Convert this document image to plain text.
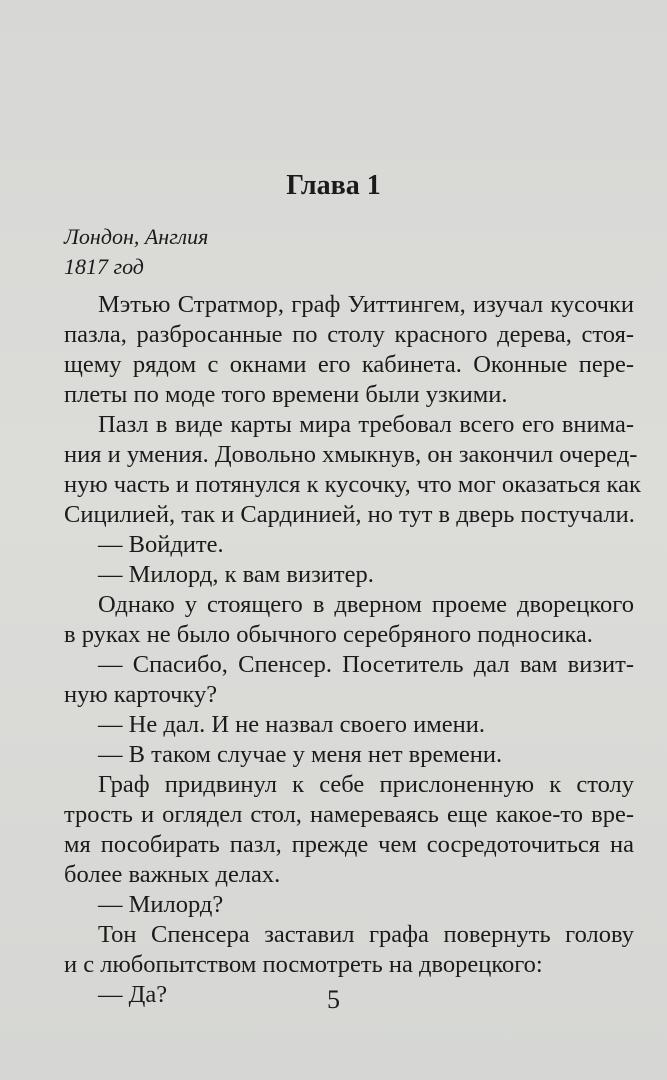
Глава 1
Лондон, Англия
1817 год
Мэтью Стратмор, граф Уиттингем, изучал кусочки
пазла, разбросанные по столу красного дерева, стоя-
щему рядом с окнами его кабинета. Оконные пере-
плеты по моде того времени были узкими.
Пазл в виде карты мира требовал всего его внима-
ния и умения. Довольно хмыкнув, он закончил очеред-
ную часть и потянулся к кусочку, что мог оказаться как
Сицилией, так и Сардинией, но тут в дверь постучали.
— Войдите.
— Милорд, к вам визитер.
Однако у стоящего в дверном проеме дворецкого
в руках не было обычного серебряного подносика.
— Спасибо, Спенсер. Посетитель дал вам визит-
ную карточку?
— Не дал. И не назвал своего имени.
— В таком случае у меня нет времени.
Граф придвинул к себе прислоненную к столу
трость и оглядел стол, намереваясь еще какое-то вре-
мя пособирать пазл, прежде чем сосредоточиться на
более важных делах.
— Милорд?
Тон Спенсера заставил графа повернуть голову
и с любопытством посмотреть на дворецкого:
— Да?	5
